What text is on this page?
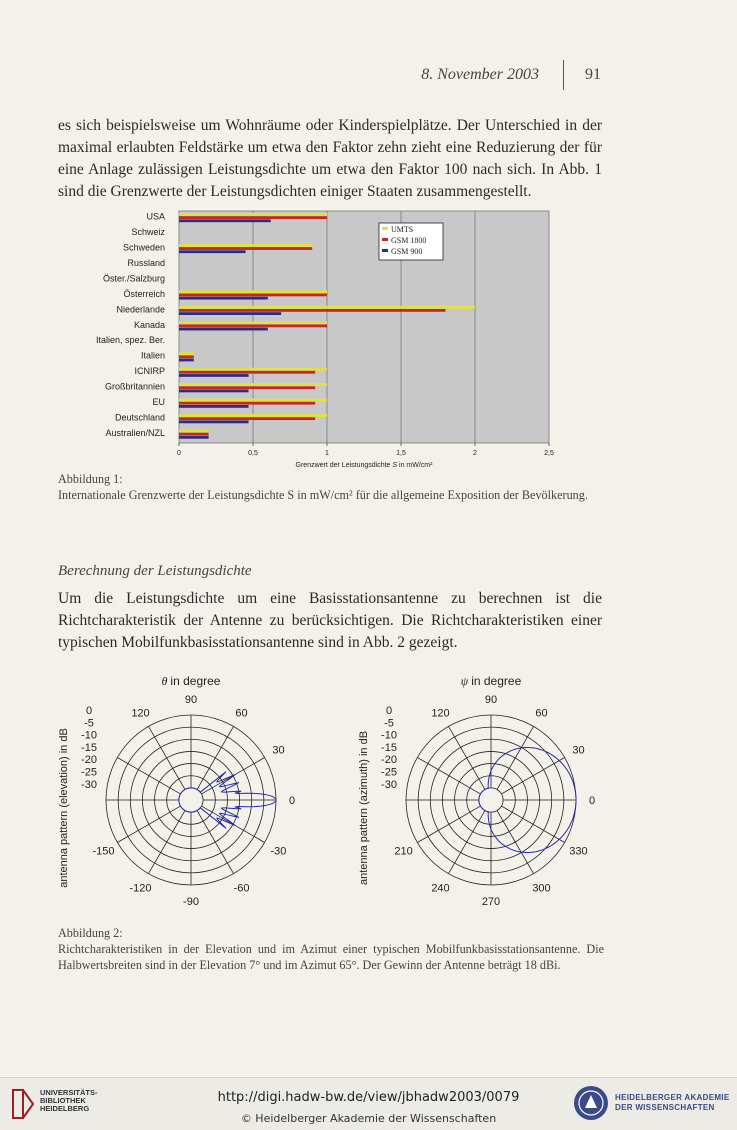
8. November 2003	91
es sich beispielsweise um Wohnräume oder Kinderspielplätze. Der Unterschied in der maximal erlaubten Feldstärke um etwa den Faktor zehn zieht eine Reduzierung der für eine Anlage zulässigen Leistungsdichte um etwa den Faktor 100 nach sich. In Abb. 1 sind die Grenzwerte der Leistungsdichten einiger Staaten zusammengestellt.
0	0,5	1	1,5	2	2,5
Grenzwert der Leistungsdichte S in mW/cm²
USA
Schweiz
Schweden
Russland
Öster./Salzburg
Österreich
Niederlande
Kanada
Italien, spez. Ber.
Italien
ICNIRP
Großbritannien
EU
Deutschland
Australien/NZL
UMTS
GSM 1800
GSM 900
Abbildung 1:
Internationale Grenzwerte der Leistungsdichte S in mW/cm² für die allgemeine Exposition der Bevölkerung.
Berechnung der Leistungsdichte
Um die Leistungsdichte um eine Basisstationsantenne zu berechnen ist die Richtcharakteristik der Antenne zu berücksichtigen. Die Richtcharakteristiken einer typischen Mobilfunkbasisstationsantenne sind in Abb. 2 gezeigt.
90
60
30
0
-30
-60
-90
-120
-150
120
0
-5
-10
-15
-20
-25
-30
antenna pattern (elevation) in dB
θ in degree
90
60
30
0
330
300
270
240
210
120
0
-5
-10
-15
-20
-25
-30
antenna pattern (azimuth) in dB
ψ in degree
Abbildung 2:
Richtcharakteristiken in der Elevation und im Azimut einer typischen Mobilfunkbasisstationsantenne. Die Halbwertsbreiten sind in der Elevation 7° und im Azimut 65°. Der Gewinn der Antenne beträgt 18 dBi.
UNIVERSITÄTS-
BIBLIOTHEK
HEIDELBERG
http://digi.hadw-bw.de/view/jbhadw2003/0079
© Heidelberger Akademie der Wissenschaften
HEIDELBERGER AKADEMIE
DER WISSENSCHAFTEN
